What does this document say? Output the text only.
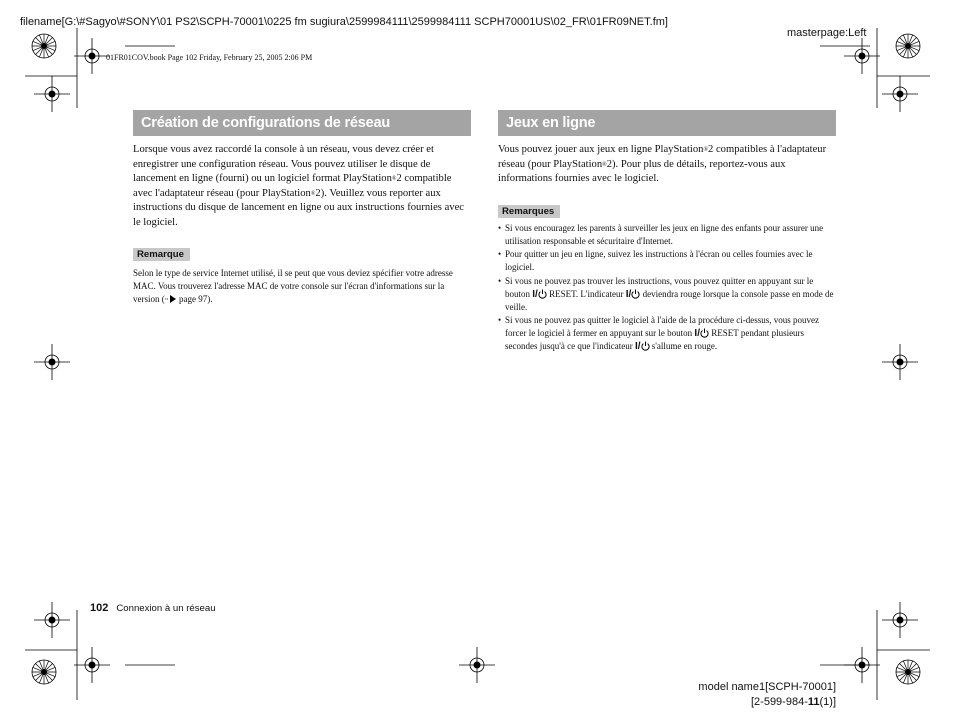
filename[G:\#Sagyo\#SONY\01 PS2\SCPH-70001\0225 fm sugiura\2599984111\2599984111 SCPH70001US\02_FR\01FR09NET.fm]
masterpage:Left
01FR01COV.book Page 102 Friday, February 25, 2005 2:06 PM
Création de configurations de réseau

Lorsque vous avez raccordé la console à un réseau, vous devez créer et enregistrer une configuration réseau. Vous pouvez utiliser le disque de lancement en ligne (fourni) ou un logiciel format PlayStation®2 compatible avec l'adaptateur réseau (pour PlayStation®2). Veuillez vous reporter aux instructions du disque de lancement en ligne ou aux instructions fournies avec le logiciel.

Remarque

Selon le type de service Internet utilisé, il se peut que vous deviez spécifier votre adresse MAC. Vous trouverez l'adresse MAC de votre console sur l'écran d'informations sur la version ( page 97).

Jeux en ligne

Vous pouvez jouer aux jeux en ligne PlayStation®2 compatibles à l'adaptateur réseau (pour PlayStation®2). Pour plus de détails, reportez-vous aux informations fournies avec le logiciel.

Remarques
• Si vous encouragez les parents à surveiller les jeux en ligne des enfants pour assurer une utilisation responsable et sécuritaire d'Internet.
• Pour quitter un jeu en ligne, suivez les instructions à l'écran ou celles fournies avec le logiciel.
• Si vous ne pouvez pas trouver les instructions, vous pouvez quitter en appuyant sur le bouton I/ RESET. L'indicateur I/ deviendra rouge lorsque la console passe en mode de veille.
• Si vous ne pouvez pas quitter le logiciel à l'aide de la procédure ci-dessus, vous pouvez forcer le logiciel à fermer en appuyant sur le bouton I/ RESET pendant plusieurs secondes jusqu'à ce que l'indicateur I/ s'allume en rouge.
102 Connexion à un réseau
model name1[SCPH-70001]
[2-599-984-11(1)]
